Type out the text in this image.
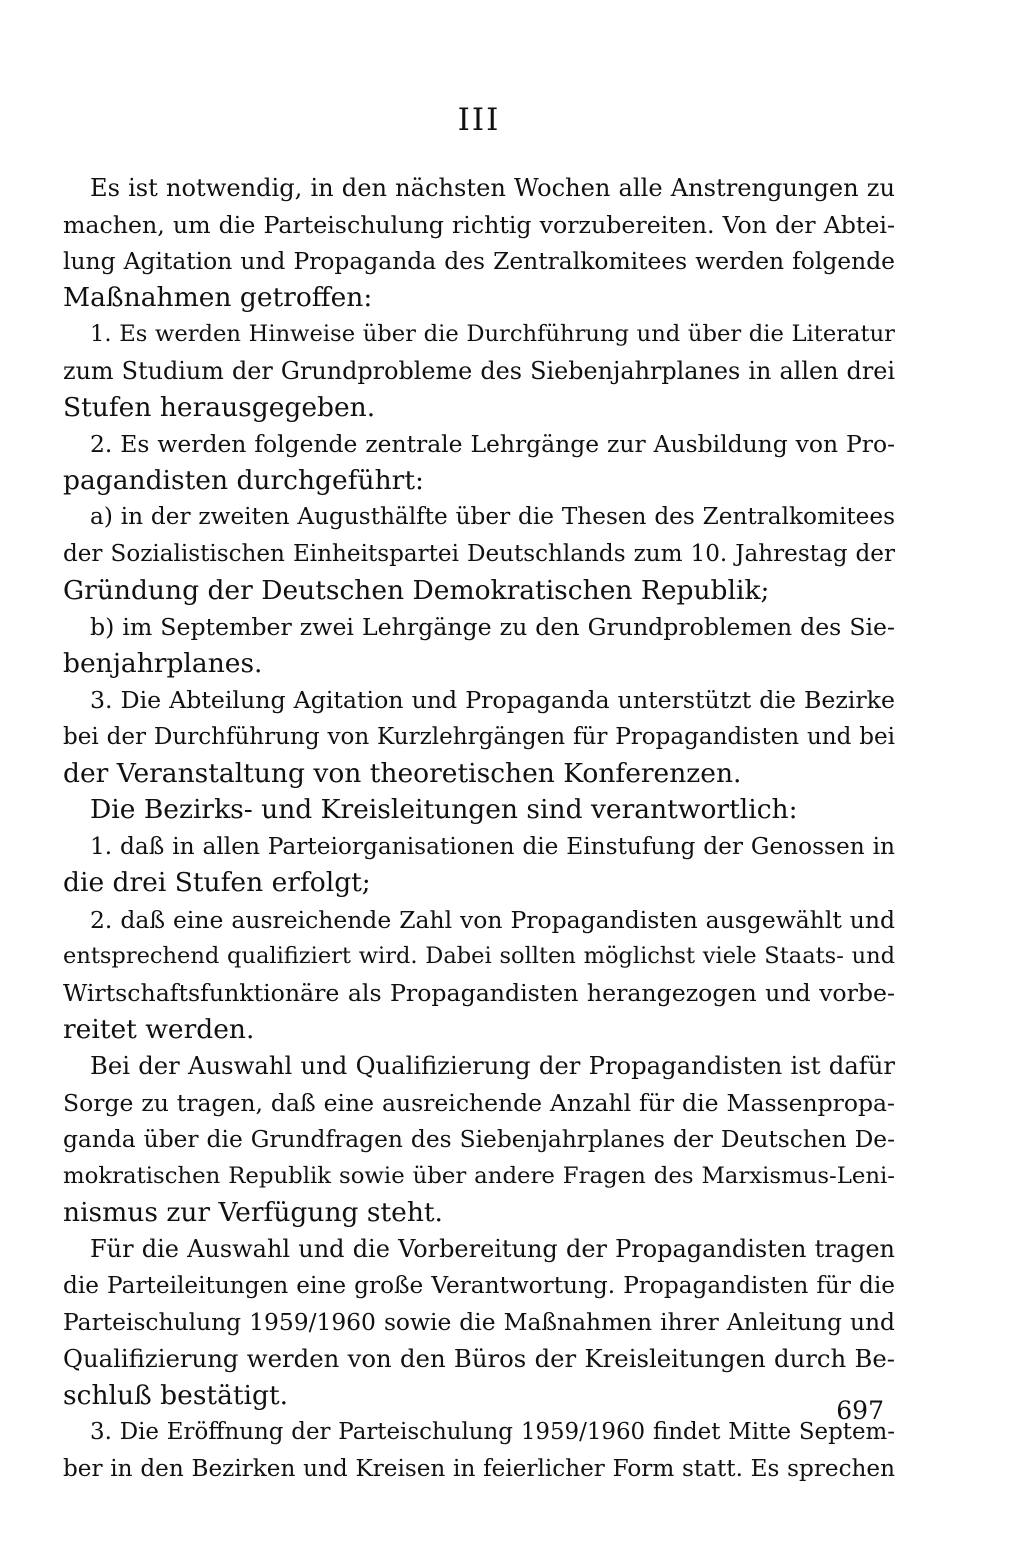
III
Es ist notwendig, in den nächsten Wochen alle Anstrengungen zu
machen, um die Parteischulung richtig vorzubereiten. Von der Abtei-
lung Agitation und Propaganda des Zentralkomitees werden folgende
Maßnahmen getroffen:
1. Es werden Hinweise über die Durchführung und über die Literatur
zum Studium der Grundprobleme des Siebenjahrplanes in allen drei
Stufen herausgegeben.
2. Es werden folgende zentrale Lehrgänge zur Ausbildung von Pro-
pagandisten durchgeführt:
a) in der zweiten Augusthälfte über die Thesen des Zentralkomitees
der Sozialistischen Einheitspartei Deutschlands zum 10. Jahrestag der
Gründung der Deutschen Demokratischen Republik;
b) im September zwei Lehrgänge zu den Grundproblemen des Sie-
benjahrplanes.
3. Die Abteilung Agitation und Propaganda unterstützt die Bezirke
bei der Durchführung von Kurzlehrgängen für Propagandisten und bei
der Veranstaltung von theoretischen Konferenzen.
Die Bezirks- und Kreisleitungen sind verantwortlich:
1. daß in allen Parteiorganisationen die Einstufung der Genossen in
die drei Stufen erfolgt;
2. daß eine ausreichende Zahl von Propagandisten ausgewählt und
entsprechend qualifiziert wird. Dabei sollten möglichst viele Staats- und
Wirtschaftsfunktionäre als Propagandisten herangezogen und vorbe-
reitet werden.
Bei der Auswahl und Qualifizierung der Propagandisten ist dafür
Sorge zu tragen, daß eine ausreichende Anzahl für die Massenpropa-
ganda über die Grundfragen des Siebenjahrplanes der Deutschen De-
mokratischen Republik sowie über andere Fragen des Marxismus-Leni-
nismus zur Verfügung steht.
Für die Auswahl und die Vorbereitung der Propagandisten tragen
die Parteileitungen eine große Verantwortung. Propagandisten für die
Parteischulung 1959/1960 sowie die Maßnahmen ihrer Anleitung und
Qualifizierung werden von den Büros der Kreisleitungen durch Be-
schluß bestätigt.
3. Die Eröffnung der Parteischulung 1959/1960 findet Mitte Septem-
ber in den Bezirken und Kreisen in feierlicher Form statt. Es sprechen
697
